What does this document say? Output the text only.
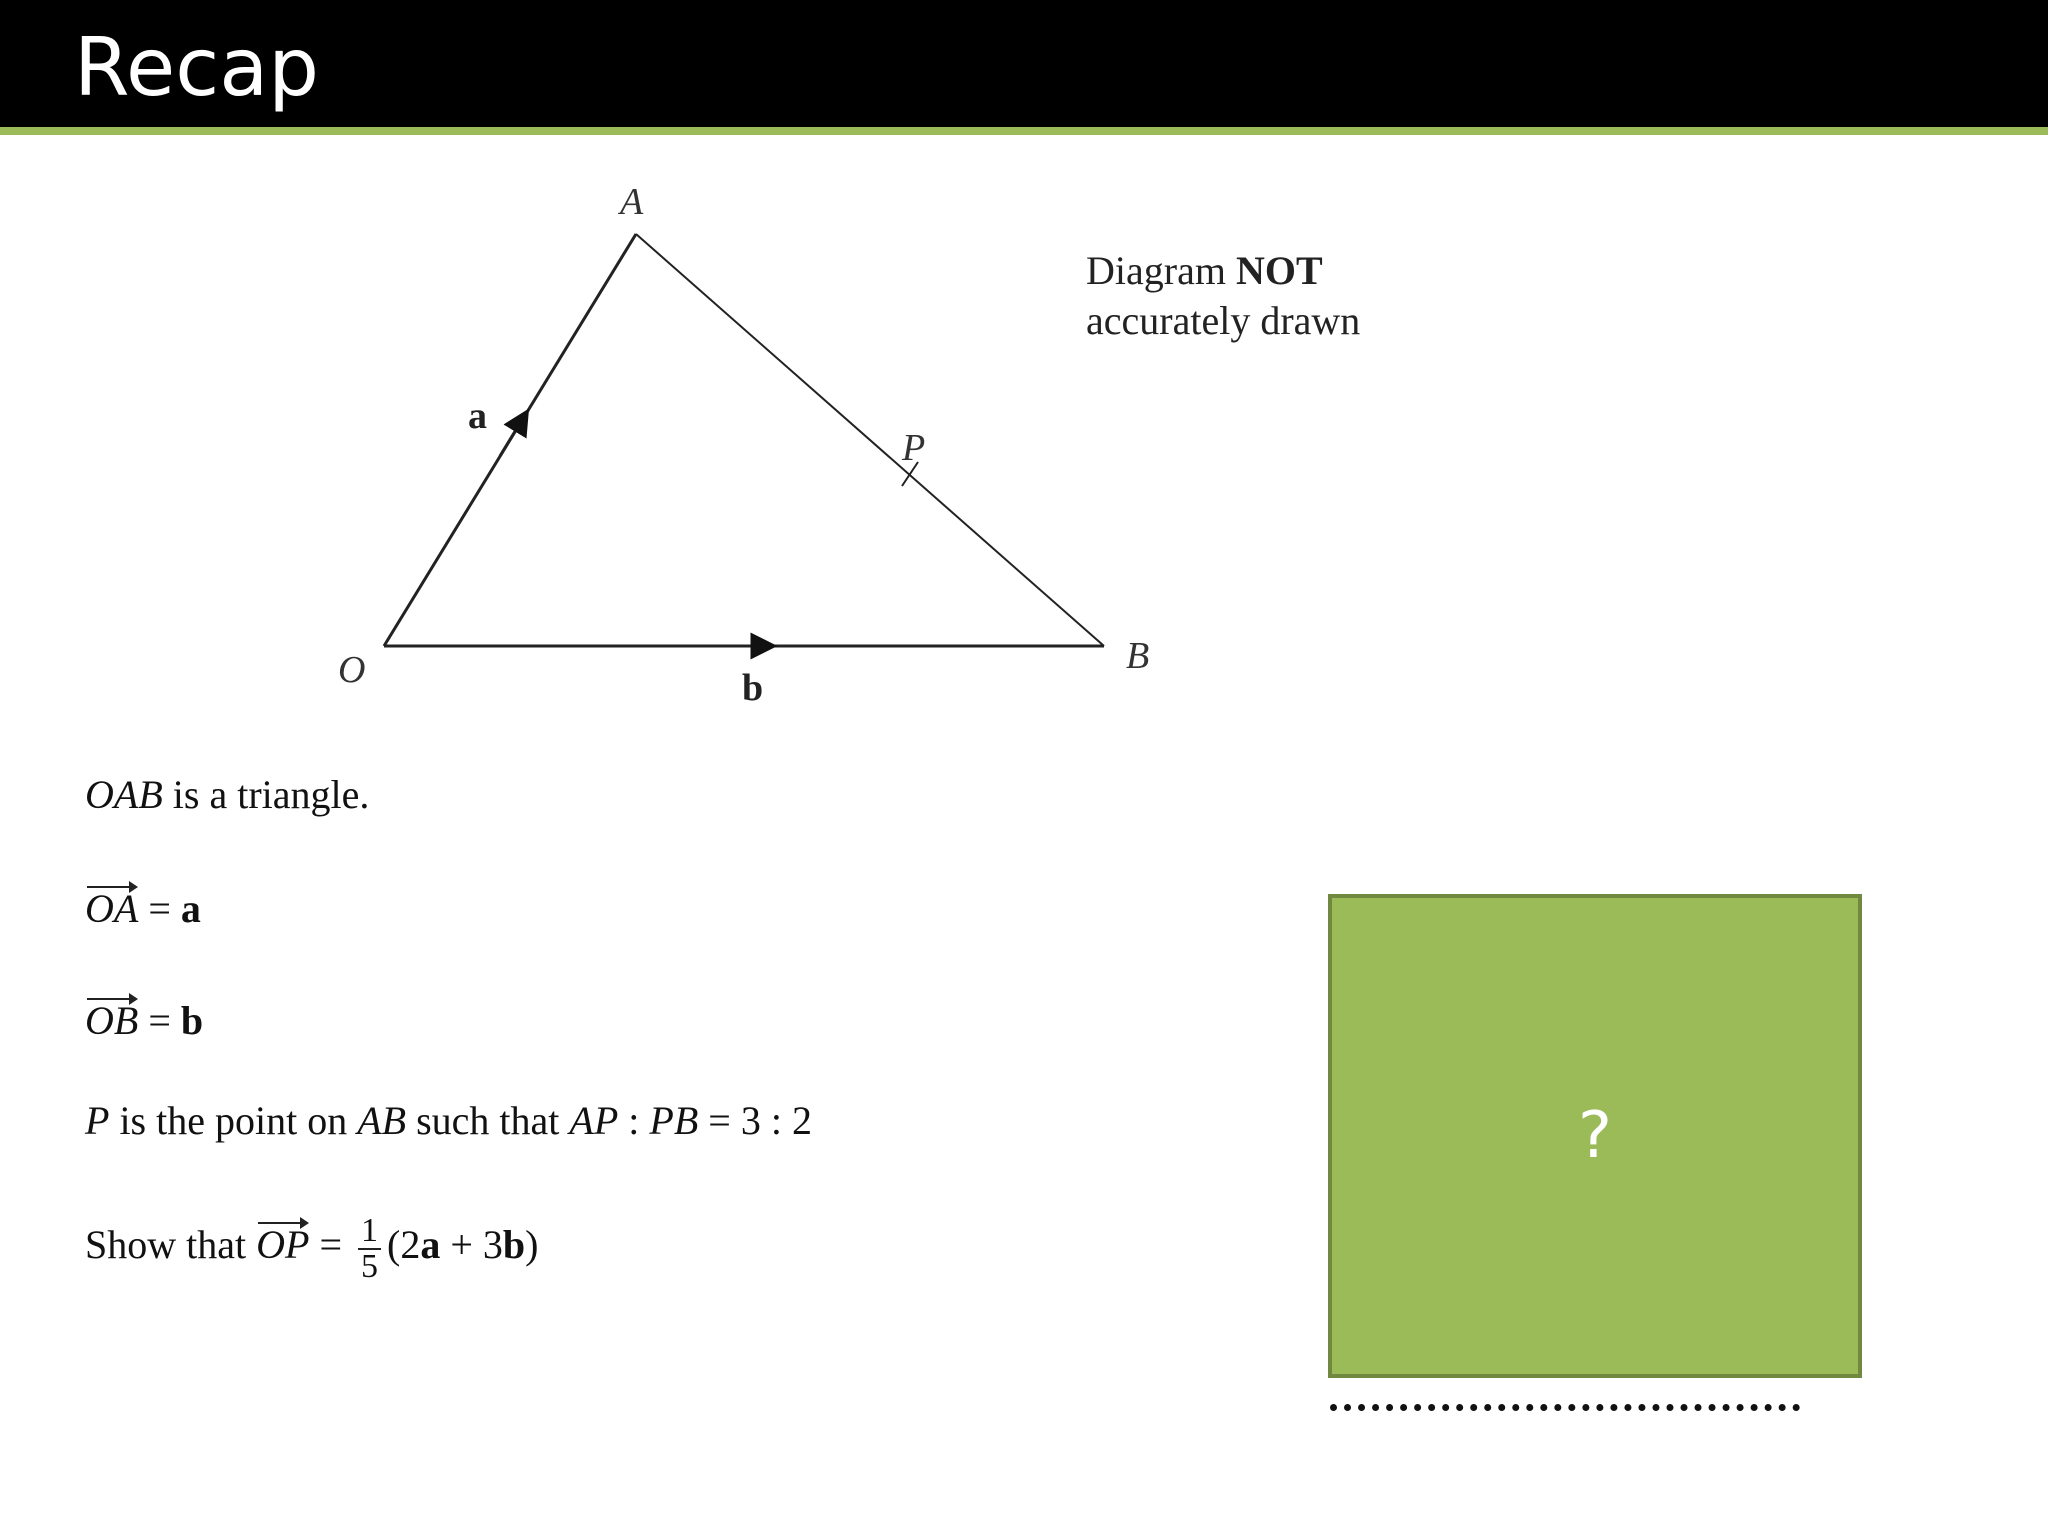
Recap
A
O	B
P
a
b
Diagram NOT
accurately drawn
OAB is a triangle.
OA = a
OB = b
P is the point on AB such that AP : PB = 3 : 2
Show that OP = $\frac{1}{5} (2a + 3b)$
?
